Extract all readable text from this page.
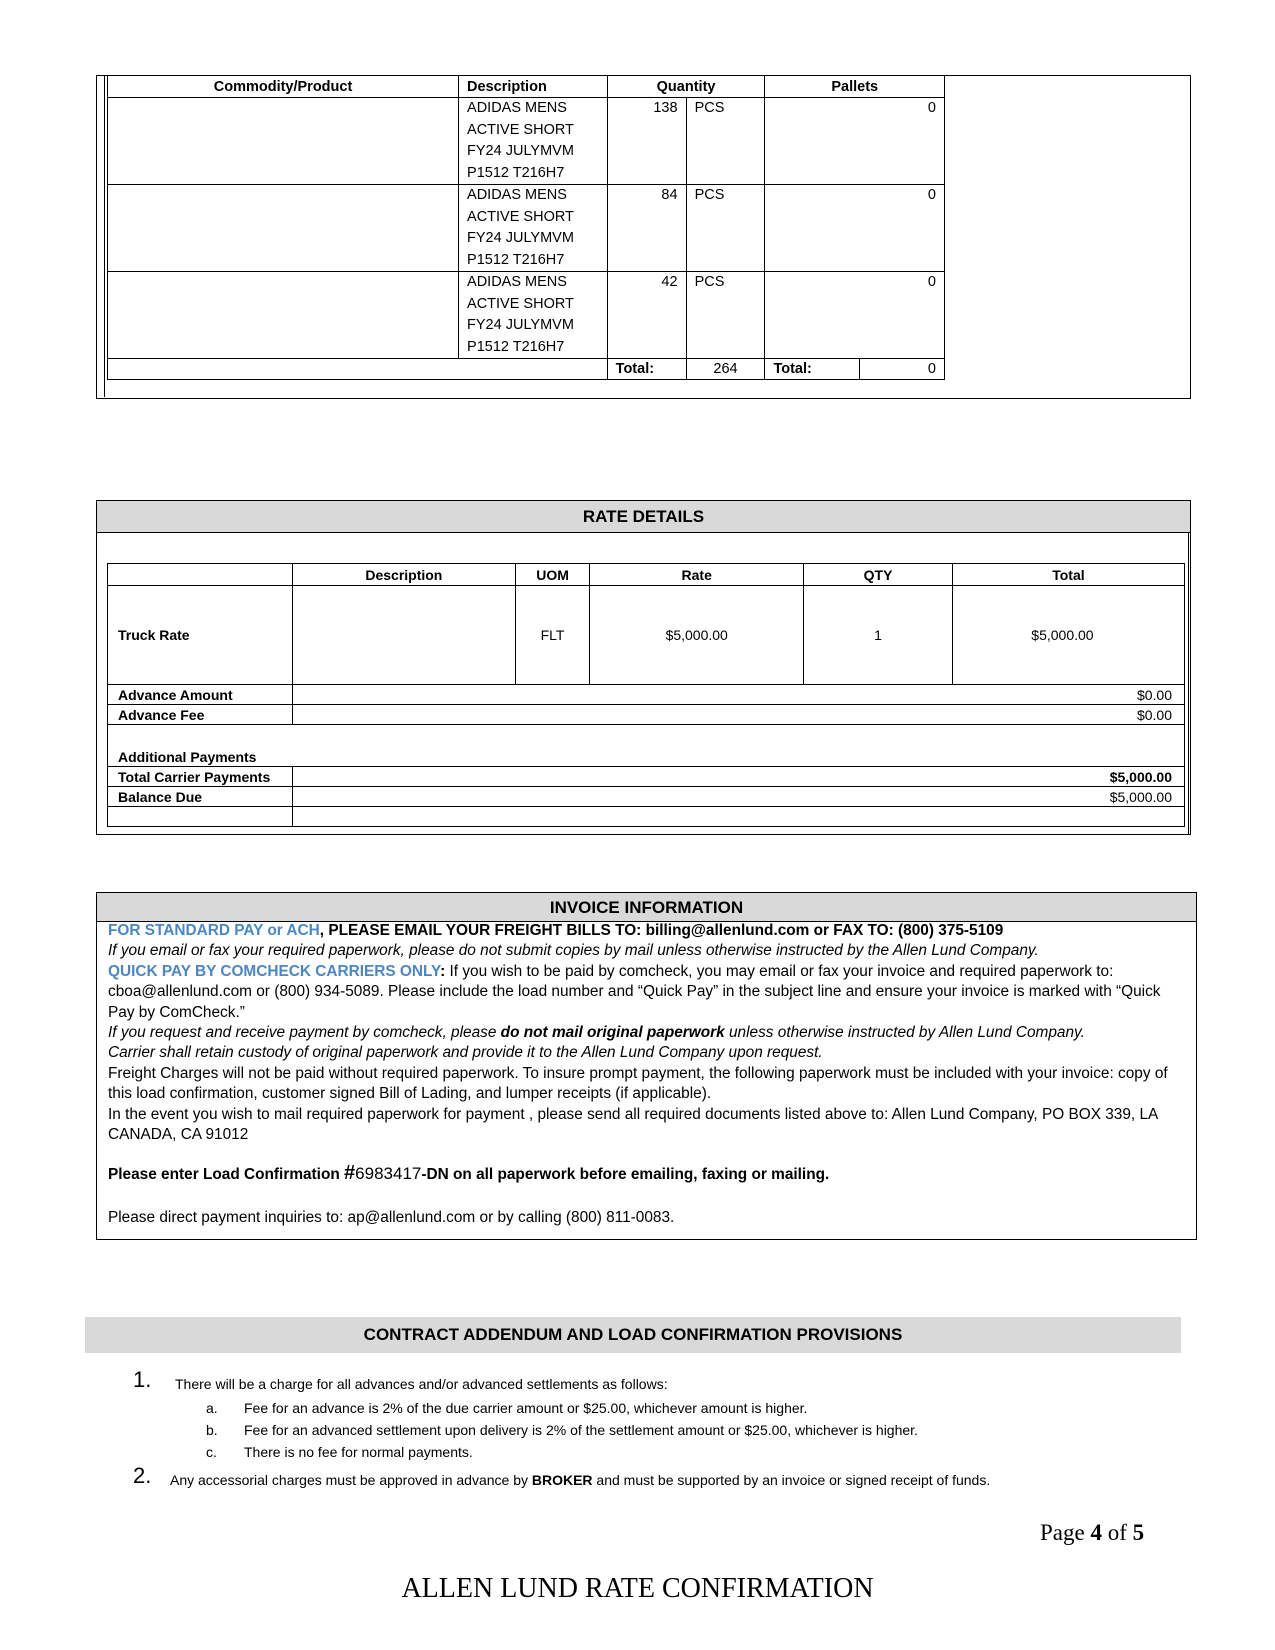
Commodity/Product	Description	Quantity		Pallets	

	ADIDAS MENS
ACTIVE SHORT
FY24 JULYMVM
P1512 T216H7	138	PCS	0	

	ADIDAS MENS
ACTIVE SHORT
FY24 JULYMVM
P1512 T216H7	84	PCS	0	

	ADIDAS MENS
ACTIVE SHORT
FY24 JULYMVM
P1512 T216H7	42	PCS	0	
		Total:	264	Total:	0
RATE DETAILS
	Description	UOM	Rate	QTY	Total
Truck Rate		FLT	$5,000.00	1	$5,000.00
Advance Amount	$0.00				
Advance Fee	$0.00				
Additional Payments					
Total Carrier Payments	$5,000.00				
Balance Due	$5,000.00				

INVOICE INFORMATION

FOR STANDARD PAY or ACH, PLEASE EMAIL YOUR FREIGHT BILLS TO: billing@allenlund.com or FAX TO: (800) 375-5109

If you email or fax your required paperwork, please do not submit copies by mail unless otherwise instructed by the Allen Lund Company.

QUICK PAY BY COMCHECK CARRIERS ONLY: If you wish to be paid by comcheck, you may email or fax your invoice and required paperwork to: cboa@allenlund.com or (800) 934-5089. Please include the load number and “Quick Pay” in the subject line and ensure your invoice is marked with “Quick Pay by ComCheck.”

If you request and receive payment by comcheck, please do not mail original paperwork unless otherwise instructed by Allen Lund Company.

Carrier shall retain custody of original paperwork and provide it to the Allen Lund Company upon request.

Freight Charges will not be paid without required paperwork. To insure prompt payment, the following paperwork must be included with your invoice: copy of this load confirmation, customer signed Bill of Lading, and lumper receipts (if applicable).

In the event you wish to mail required paperwork for payment , please send all required documents listed above to: Allen Lund Company, PO BOX 339, LA CANADA, CA 91012

Please enter Load Confirmation #6983417-DN on all paperwork before emailing, faxing or mailing.

Please direct payment inquiries to: ap@allenlund.com or by calling (800) 811-0083.

CONTRACT ADDENDUM AND LOAD CONFIRMATION PROVISIONS
1. There will be a charge for all advances and/or advanced settlements as follows:
a. Fee for an advance is 2% of the due carrier amount or $25.00, whichever amount is higher.
b. Fee for an advanced settlement upon delivery is 2% of the settlement amount or $25.00, whichever is higher.
c. There is no fee for normal payments.
2. Any accessorial charges must be approved in advance by BROKER and must be supported by an invoice or signed receipt of funds.
Page 4 of 5
ALLEN LUND RATE CONFIRMATION
